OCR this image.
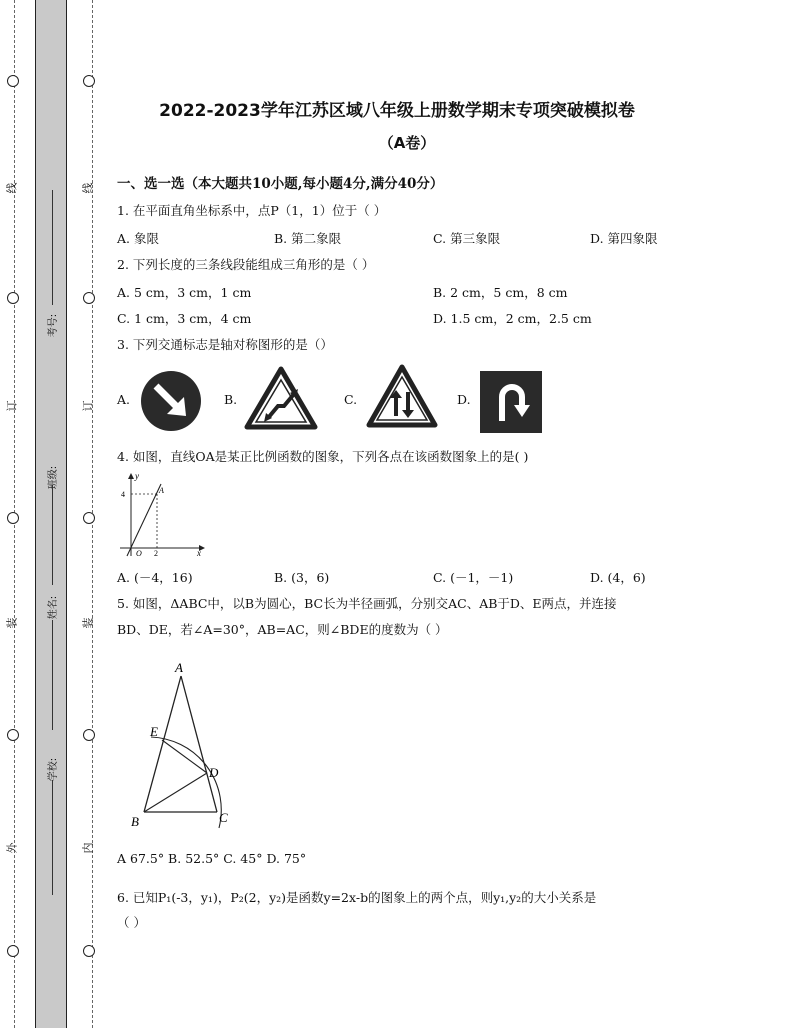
线
订
装
外
线
订
装
内
考号:
班级:
姓名:
学校:
2022-2023学年江苏区域八年级上册数学期末专项突破模拟卷
（A卷）
一、选一选（本大题共10小题,每小题4分,满分40分）
1. 在平面直角坐标系中，点P（1，1）位于（ ）
A. 象限	B. 第二象限	C. 第三象限	D. 第四象限
2. 下列长度的三条线段能组成三角形的是（ ）
A. 5 cm，3 cm，1 cm	B. 2 cm，5 cm，8 cm
C. 1 cm，3 cm，4 cm	D. 1.5 cm，2 cm，2.5 cm
3. 下列交通标志是轴对称图形的是（）
A.	B.	C.	D.
4. 如图，直线OA是某正比例函数的图象，下列各点在该函数图象上的是( )
y
x
4
2
O
A
A. (－4，16)	B. (3，6)	C. (－1，－1)	D. (4，6)
5. 如图，ΔABC中，以B为圆心，BC长为半径画弧，分别交AC、AB于D、E两点，并连接
BD、DE，若∠A=30°，AB=AC，则∠BDE的度数为（ ）
A
E
D
B	C
A 67.5° B. 52.5° C. 45° D. 75°
6. 已知P₁(-3，y₁)，P₂(2，y₂)是函数y=2x-b的图象上的两个点，则y₁,y₂的大小关系是
（ ）
